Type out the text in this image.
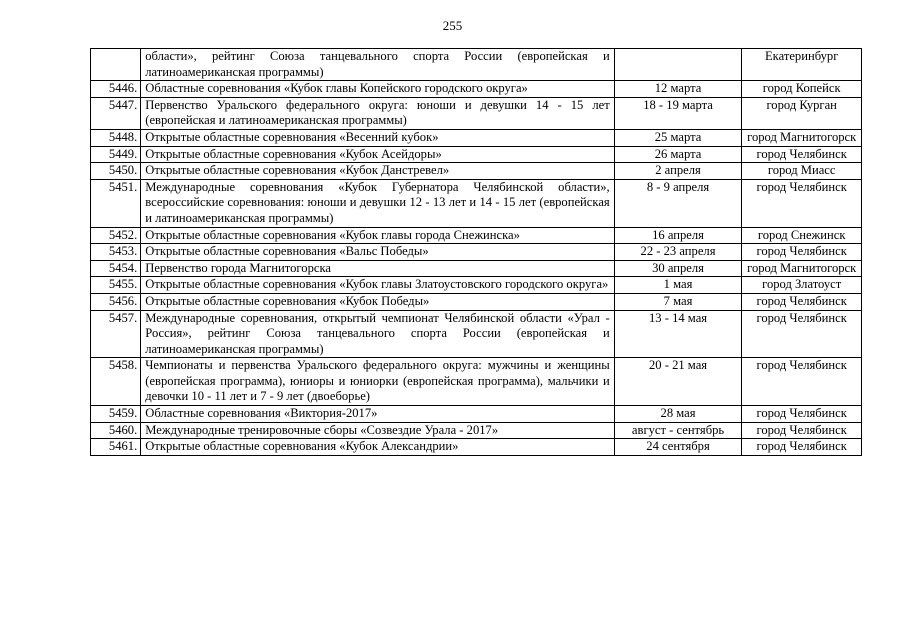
255
	области», рейтинг Союза танцевального спорта России (европейская и латиноамериканская программы)		Екатеринбург
5446.	Областные соревнования «Кубок главы Копейского городского округа»	12 марта	город Копейск
5447.	Первенство Уральского федерального округа: юноши и девушки 14 - 15 лет (европейская и латиноамериканская программы)	18 - 19 марта	город Курган
5448.	Открытые областные соревнования «Весенний кубок»	25 марта	город Магнитогорск
5449.	Открытые областные соревнования «Кубок Асейдоры»	26 марта	город Челябинск
5450.	Открытые областные соревнования «Кубок Данстревел»	2 апреля	город Миасс
5451.	Международные соревнования «Кубок Губернатора Челябинской области», всероссийские соревнования: юноши и девушки 12 - 13 лет и 14 - 15 лет (европейская и латиноамериканская программы)	8 - 9 апреля	город Челябинск
5452.	Открытые областные соревнования «Кубок главы города Снежинска»	16 апреля	город Снежинск
5453.	Открытые областные соревнования «Вальс Победы»	22 - 23 апреля	город Челябинск
5454.	Первенство города Магнитогорска	30 апреля	город Магнитогорск
5455.	Открытые областные соревнования «Кубок главы Златоустовского городского округа»	1 мая	город Златоуст
5456.	Открытые областные соревнования «Кубок Победы»	7 мая	город Челябинск
5457.	Международные соревнования, открытый чемпионат Челябинской области «Урал - Россия», рейтинг Союза танцевального спорта России (европейская и латиноамериканская программы)	13 - 14 мая	город Челябинск
5458.	Чемпионаты и первенства Уральского федерального округа: мужчины и женщины (европейская программа), юниоры и юниорки (европейская программа), мальчики и девочки 10 - 11 лет и 7 - 9 лет (двоеборье)	20 - 21 мая	город Челябинск
5459.	Областные соревнования «Виктория-2017»	28 мая	город Челябинск
5460.	Международные тренировочные сборы «Созвездие Урала - 2017»	август - сентябрь	город Челябинск
5461.	Открытые областные соревнования «Кубок Александрии»	24 сентября	город Челябинск
